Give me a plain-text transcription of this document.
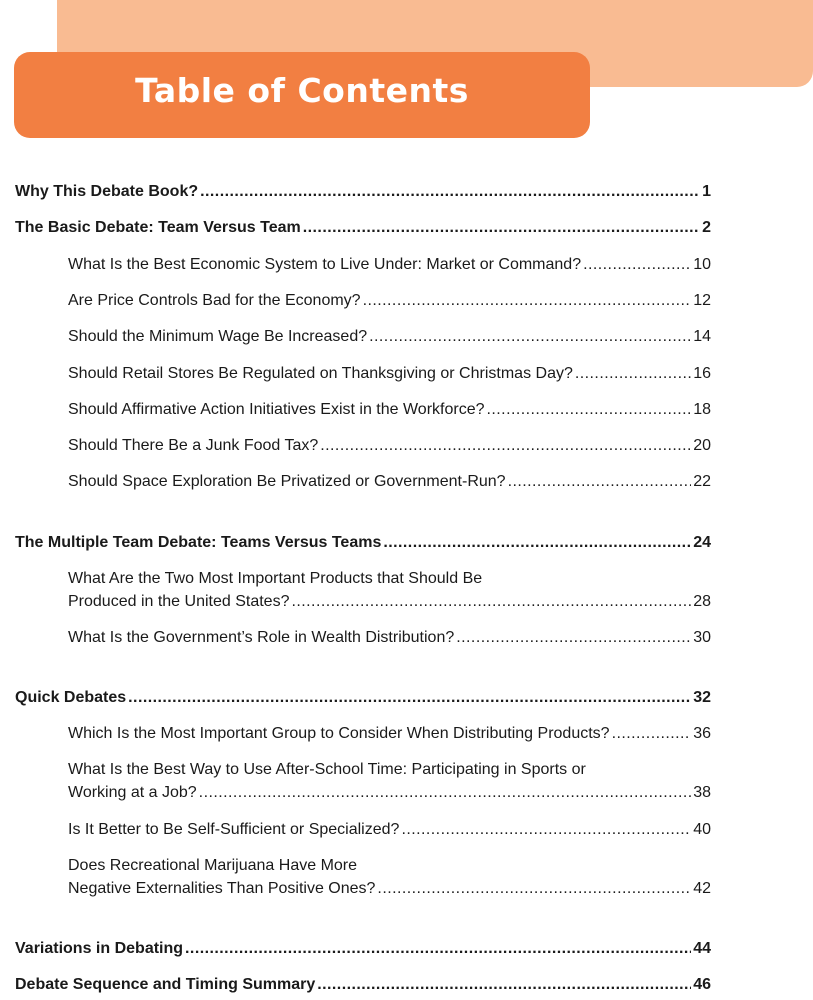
Table of Contents
Why This Debate Book? . . .	1
The Basic Debate: Team Versus Team . . .	2
What Is the Best Economic System to Live Under: Market or Command? . . .	10
Are Price Controls Bad for the Economy? . . .	12
Should the Minimum Wage Be Increased? . . .	14
Should Retail Stores Be Regulated on Thanksgiving or Christmas Day? . . .	16
Should Affirmative Action Initiatives Exist in the Workforce? . . .	18
Should There Be a Junk Food Tax? . . .	20
Should Space Exploration Be Privatized or Government-Run? . . .	22
The Multiple Team Debate: Teams Versus Teams . . .	24
What Are the Two Most Important Products that Should Be
Produced in the United States? . . .	28
What Is the Government’s Role in Wealth Distribution? . . .	30
Quick Debates . . .	32
Which Is the Most Important Group to Consider When Distributing Products? . . .	36
What Is the Best Way to Use After-School Time: Participating in Sports or
Working at a Job? . . .	38
Is It Better to Be Self-Sufficient or Specialized? . . .	40
Does Recreational Marijuana Have More
Negative Externalities Than Positive Ones? . . .	42
Variations in Debating . . .	44
Debate Sequence and Timing Summary . . .	46
